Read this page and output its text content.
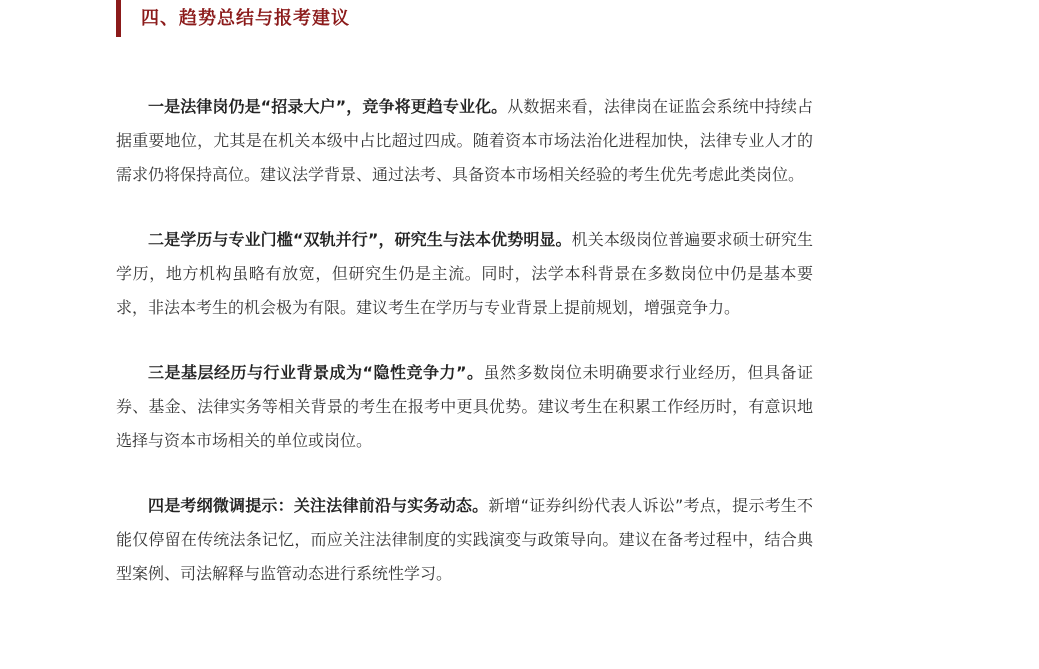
四、趋势总结与报考建议

一是法律岗仍是“招录大户”，竞争将更趋专业化。从数据来看，法律岗在证监会系统中持续占据重要地位，尤其是在机关本级中占比超过四成。随着资本市场法治化进程加快，法律专业人才的需求仍将保持高位。建议法学背景、通过法考、具备资本市场相关经验的考生优先考虑此类岗位。

二是学历与专业门槛“双轨并行”，研究生与法本优势明显。机关本级岗位普遍要求硕士研究生学历，地方机构虽略有放宽，但研究生仍是主流。同时，法学本科背景在多数岗位中仍是基本要求，非法本考生的机会极为有限。建议考生在学历与专业背景上提前规划，增强竞争力。

三是基层经历与行业背景成为“隐性竞争力”。虽然多数岗位未明确要求行业经历，但具备证券、基金、法律实务等相关背景的考生在报考中更具优势。建议考生在积累工作经历时，有意识地选择与资本市场相关的单位或岗位。

四是考纲微调提示：关注法律前沿与实务动态。新增“证券纠纷代表人诉讼”考点，提示考生不能仅停留在传统法条记忆，而应关注法律制度的实践演变与政策导向。建议在备考过程中，结合典型案例、司法解释与监管动态进行系统性学习。
